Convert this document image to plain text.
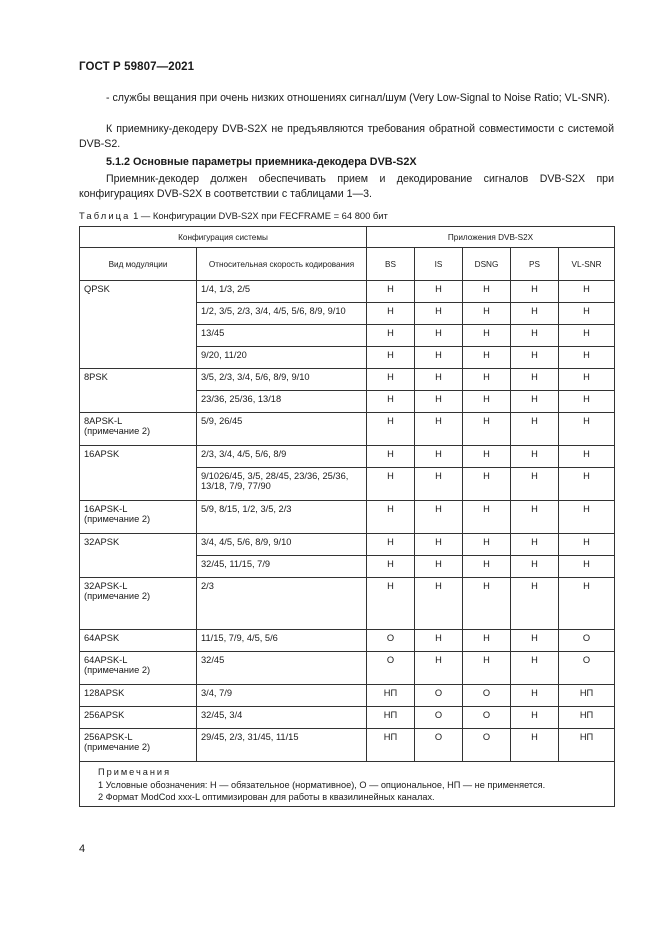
ГОСТ Р 59807—2021
- службы вещания при очень низких отношениях сигнал/шум (Very Low-Signal to Noise Ratio; VL-SNR).
К приемнику-декодеру DVB-S2X не предъявляются требования обратной совместимости с системой DVB-S2.
5.1.2 Основные параметры приемника-декодера DVB-S2X
Приемник-декодер должен обеспечивать прием и декодирование сигналов DVB-S2X при конфигурациях DVB-S2X в соответствии с таблицами 1—3.
Таблица 1 — Конфигурации DVB-S2X при FECFRAME = 64 800 бит
Конфигурация системы		Приложения DVB-S2X				
Вид модуляции	Относительная скорость кодирования	BS	IS	DSNG	PS	VL-SNR

QPSK	1/4, 1/3, 2/5	Н	Н	Н	Н	Н
	1/2, 3/5, 2/3, 3/4, 4/5, 5/6, 8/9, 9/10	Н	Н	Н	Н	Н
	13/45	Н	Н	Н	Н	Н
	9/20, 11/20	Н	Н	Н	Н	Н

8PSK	3/5, 2/3, 3/4, 5/6, 8/9, 9/10	Н	Н	Н	Н	Н
	23/36, 25/36, 13/18	Н	Н	Н	Н	Н

8APSK-L
(примечание 2)	5/9, 26/45	Н	Н	Н	Н	Н

16APSK	2/3, 3/4, 4/5, 5/6, 8/9	Н	Н	Н	Н	Н
	9/1026/45, 3/5, 28/45, 23/36, 25/36, 13/18, 7/9, 77/90	Н	Н	Н	Н	Н

16APSK-L
(примечание 2)	5/9, 8/15, 1/2, 3/5, 2/3	Н	Н	Н	Н	Н

32APSK	3/4, 4/5, 5/6, 8/9, 9/10	Н	Н	Н	Н	Н
	32/45, 11/15, 7/9	Н	Н	Н	Н	Н

32APSK-L
(примечание 2)	2/3	Н	Н	Н	Н	Н

64APSK	11/15, 7/9, 4/5, 5/6	О	Н	Н	Н	О

64APSK-L
(примечание 2)	32/45	О	Н	Н	Н	О

128APSK	3/4, 7/9	НП	О	О	Н	НП

256APSK	32/45, 3/4	НП	О	О	Н	НП

256APSK-L
(примечание 2)	29/45, 2/3, 31/45, 11/15	НП	О	О	Н	НП

Примечания
1 Условные обозначения: Н — обязательное (нормативное), О — опциональное, НП — не применяется.
2 Формат ModCod xxx-L оптимизирован для работы в квазилинейных каналах.						
4
